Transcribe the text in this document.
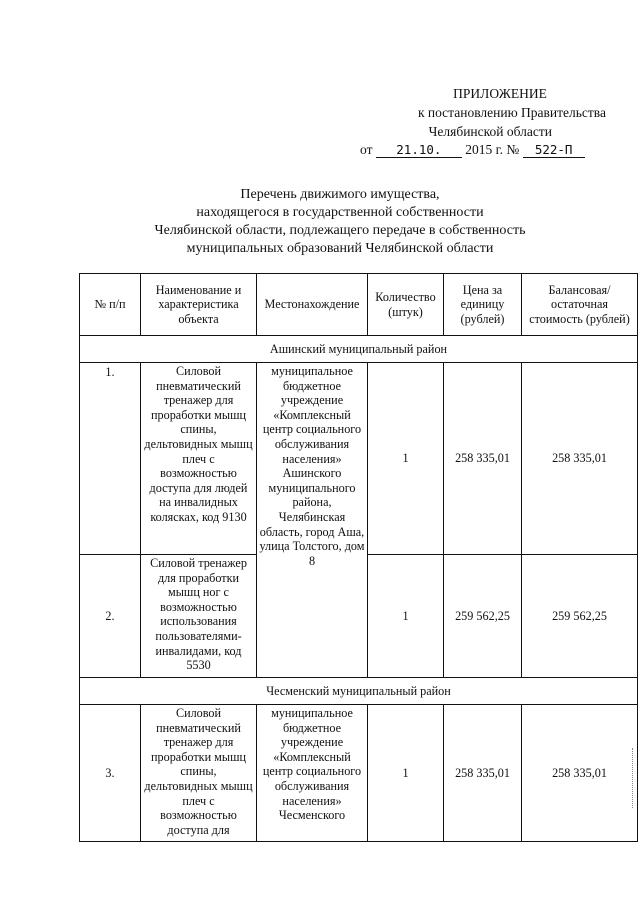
ПРИЛОЖЕНИЕ
к постановлению Правительства
Челябинской области
от 21.10. 2015 г. № 522-П
Перечень движимого имущества,
находящегося в государственной собственности
Челябинской области, подлежащего передаче в собственность
муниципальных образований Челябинской области
№ п/п	Наименование и характеристика объекта	Местонахождение	Количество (штук)	Цена за единицу (рублей)	Балансовая/ остаточная стоимость (рублей)
Ашинский муниципальный район					
1.	Силовой пневматический тренажер для проработки мышц спины, дельтовидных мышц плеч с возможностью доступа для людей на инвалидных колясках, код 9130	муниципальное бюджетное учреждение «Комплексный центр социального обслуживания населения» Ашинского муниципального района, Челябинская область, город Аша, улица Толстого, дом 8	1	258 335,01	258 335,01
2.	Силовой тренажер для проработки мышц ног с возможностью использования пользователями-инвалидами, код 5530		1	259 562,25	259 562,25
Чесменский муниципальный район					
3.	Силовой пневматический тренажер для проработки мышц спины, дельтовидных мышц плеч с возможностью доступа для	муниципальное бюджетное учреждение «Комплексный центр социального обслуживания населения» Чесменского	1	258 335,01	258 335,01
